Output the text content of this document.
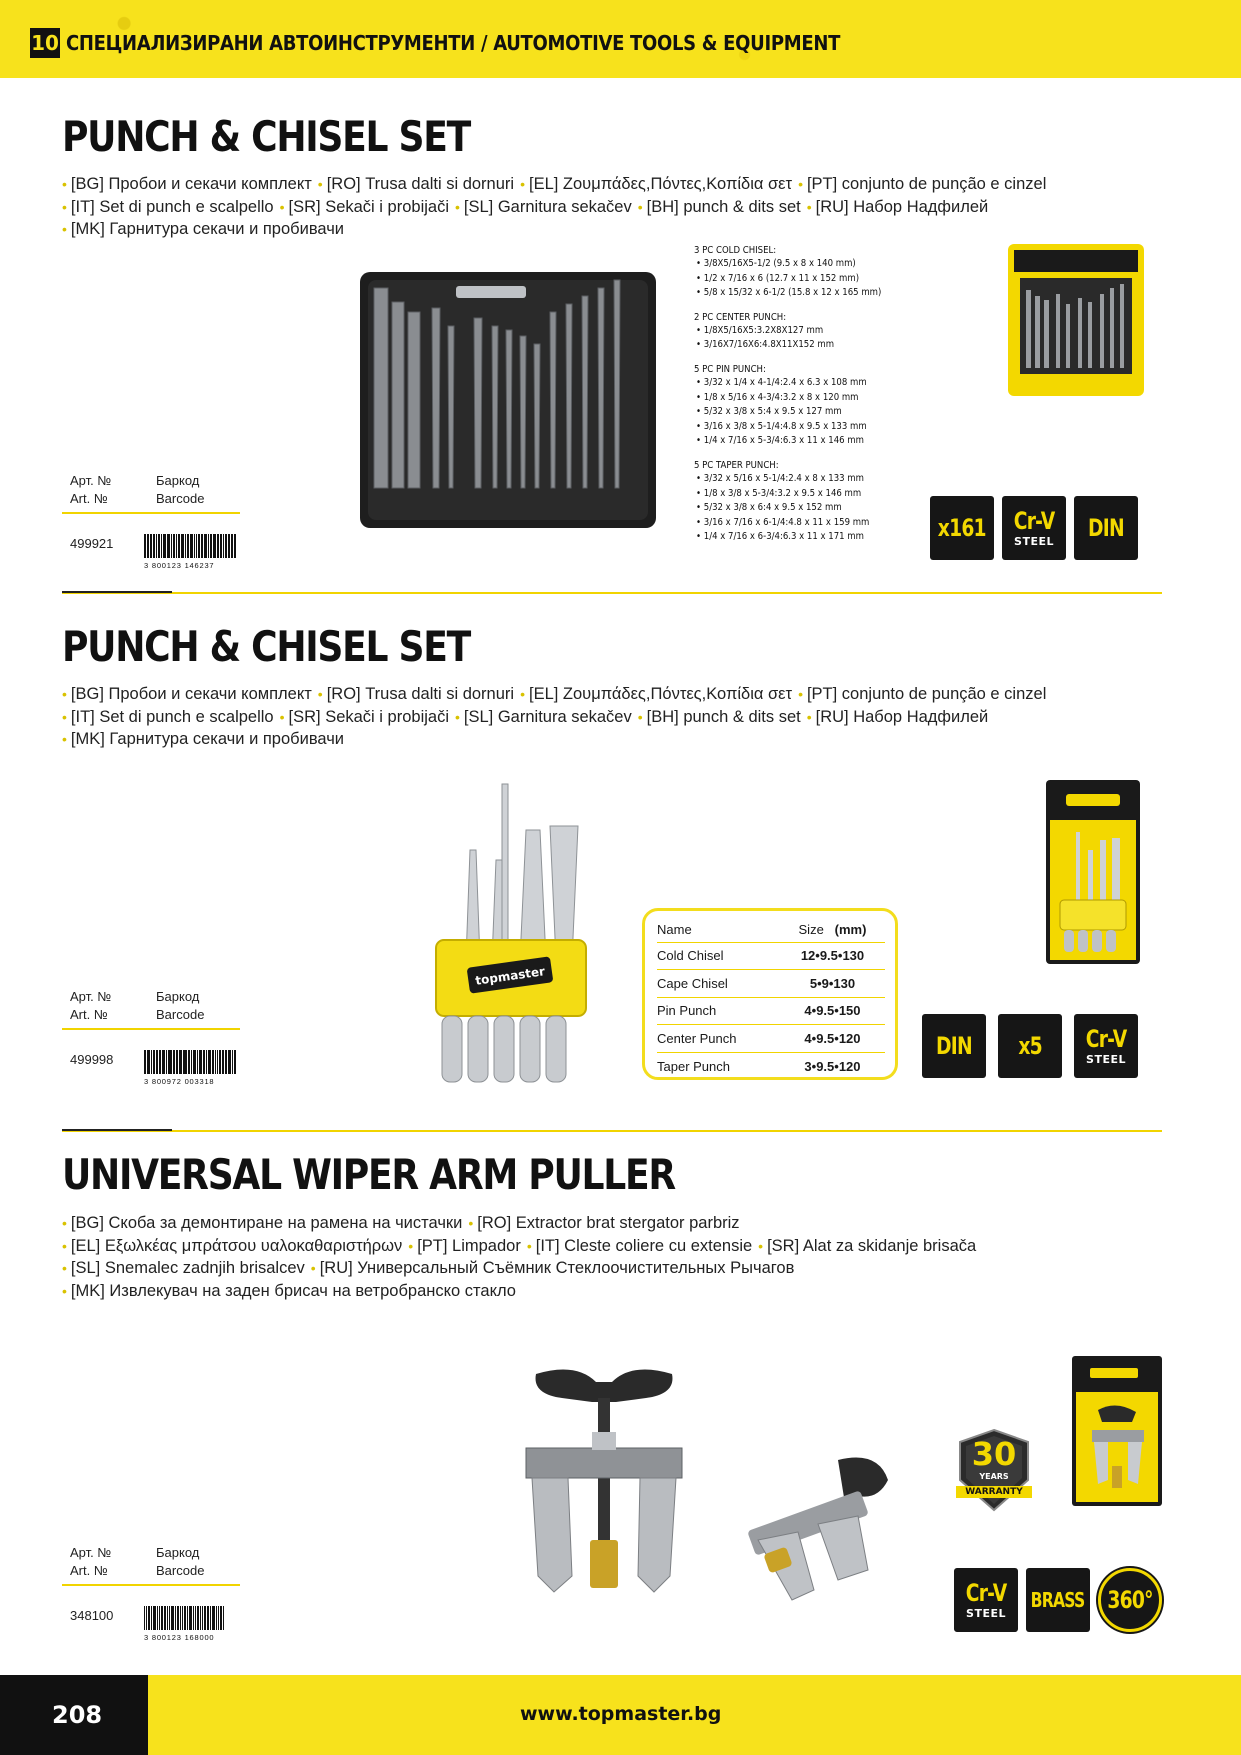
10 СПЕЦИАЛИЗИРАНИ АВТОИНСТРУМЕНТИ / AUTOMOTIVE TOOLS & EQUIPMENT
PUNCH & CHISEL SET
• [BG] Пробои и секачи комплект • [RO] Trusa dalti si dornuri • [EL] Ζουμπάδες,Πόντες,Κοπίδια σετ • [PT] conjunto de punção e cinzel
• [IT] Set di punch e scalpello • [SR] Sekači i probijači • [SL] Garnitura sekačev • [BH] punch & dits set • [RU] Набор Надфилей
• [MK] Гарнитура секачи и пробивачи
3 PC COLD CHISEL:
• 3/8X5/16X5-1/2 (9.5 x 8 x 140 mm)
• 1/2 x 7/16 x 6 (12.7 x 11 x 152 mm)
• 5/8 x 15/32 x 6-1/2 (15.8 x 12 x 165 mm)
2 PC CENTER PUNCH:
• 1/8X5/16X5:3.2X8X127 mm
• 3/16X7/16X6:4.8X11X152 mm
5 PC PIN PUNCH:
• 3/32 x 1/4 x 4-1/4:2.4 x 6.3 x 108 mm
• 1/8 x 5/16 x 4-3/4:3.2 x 8 x 120 mm
• 5/32 x 3/8 x 5:4 x 9.5 x 127 mm
• 3/16 x 3/8 x 5-1/4:4.8 x 9.5 x 133 mm
• 1/4 x 7/16 x 5-3/4:6.3 x 11 x 146 mm
5 PC TAPER PUNCH:
• 3/32 x 5/16 x 5-1/4:2.4 x 8 x 133 mm
• 1/8 x 3/8 x 5-3/4:3.2 x 9.5 x 146 mm
• 5/32 x 3/8 x 6:4 x 9.5 x 152 mm
• 3/16 x 7/16 x 6-1/4:4.8 x 11 x 159 mm
• 1/4 x 7/16 x 6-3/4:6.3 x 11 x 171 mm	x161 Cr-V
STEEL DIN
Арт. №
Art. №
Баркод
Barcode
499921
3 800123 146237
PUNCH & CHISEL SET
• [BG] Пробои и секачи комплект • [RO] Trusa dalti si dornuri • [EL] Ζουμπάδες,Πόντες,Κοπίδια σετ • [PT] conjunto de punção e cinzel
• [IT] Set di punch e scalpello • [SR] Sekači i probijači • [SL] Garnitura sekačev • [BH] punch & dits set • [RU] Набор Надфилей
• [MK] Гарнитура секачи и пробивачи
topmaster
Name	Size (mm)
Cold Chisel	12•9.5•130
Cape Chisel	5•9•130
Pin Punch	4•9.5•150
Center Punch	4•9.5•120
Taper Punch	3•9.5•120
DIN x5 Cr-V
STEEL
Арт. №
Art. №
Баркод
Barcode
499998
3 800972 003318
UNIVERSAL WIPER ARM PULLER
• [BG] Скоба за демонтиране на рамена на чистачки • [RO] Extractor brat stergator parbriz
• [EL] Εξωλκέας μπράτσου υαλοκαθαριστήρων • [PT] Limpador • [IT] Cleste coliere cu extensie • [SR] Alat za skidanje brisača
• [SL] Snemalec zadnjih brisalcev • [RU] Универсальный Съёмник Стеклоочистительных Рычагов
• [MK] Извлекувач на заден брисач на ветробранско стакло
30
YEARS
WARRANTY
Cr-V
STEEL
BRASS 360°
Арт. №
Art. №
Баркод
Barcode
348100
3 800123 168000
208	www.topmaster.bg
